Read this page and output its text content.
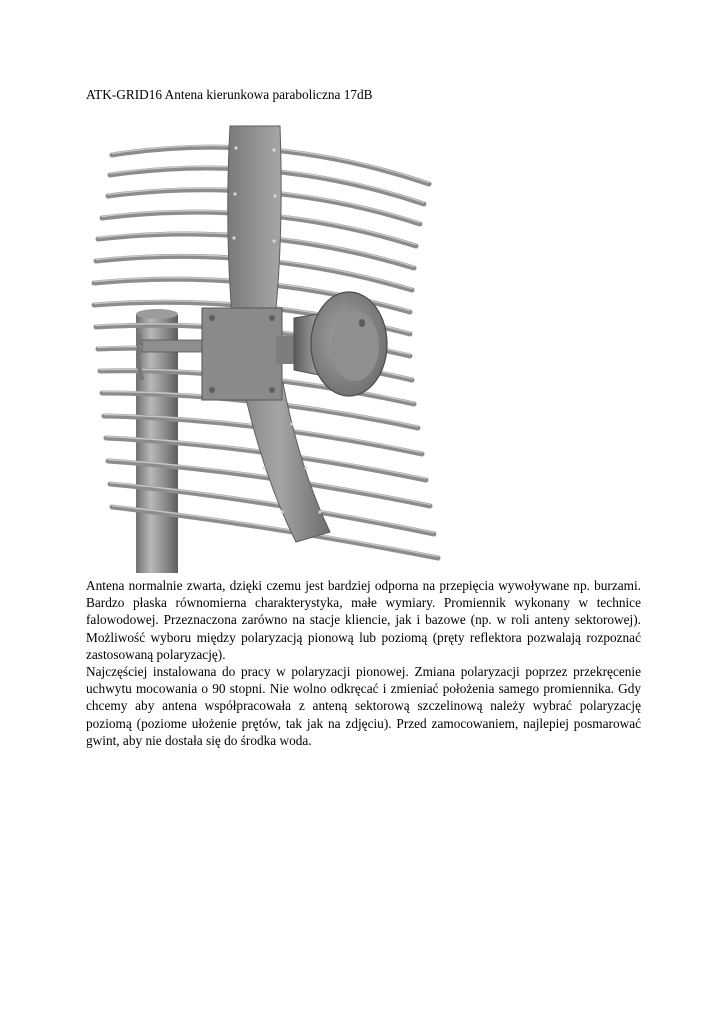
ATK-GRID16 Antena kierunkowa paraboliczna 17dB

Antena normalnie zwarta, dzięki czemu jest bardziej odporna na przepięcia wywoływane np. burzami. Bardzo płaska równomierna charakterystyka, małe wymiary. Promiennik wykonany w technice falowodowej. Przeznaczona zarówno na stacje kliencie, jak i bazowe (np. w roli anteny sektorowej). Możliwość wyboru między polaryzacją pionową lub poziomą (pręty reflektora pozwalają rozpoznać zastosowaną polaryzację).

Najczęściej instalowana do pracy w polaryzacji pionowej. Zmiana polaryzacji poprzez przekręcenie uchwytu mocowania o 90 stopni. Nie wolno odkręcać i zmieniać położenia samego promiennika. Gdy chcemy aby antena współpracowała z anteną sektorową szczelinową należy wybrać polaryzację poziomą (poziome ułożenie prętów, tak jak na zdjęciu). Przed zamocowaniem, najlepiej posmarować gwint, aby nie dostała się do środka woda.
